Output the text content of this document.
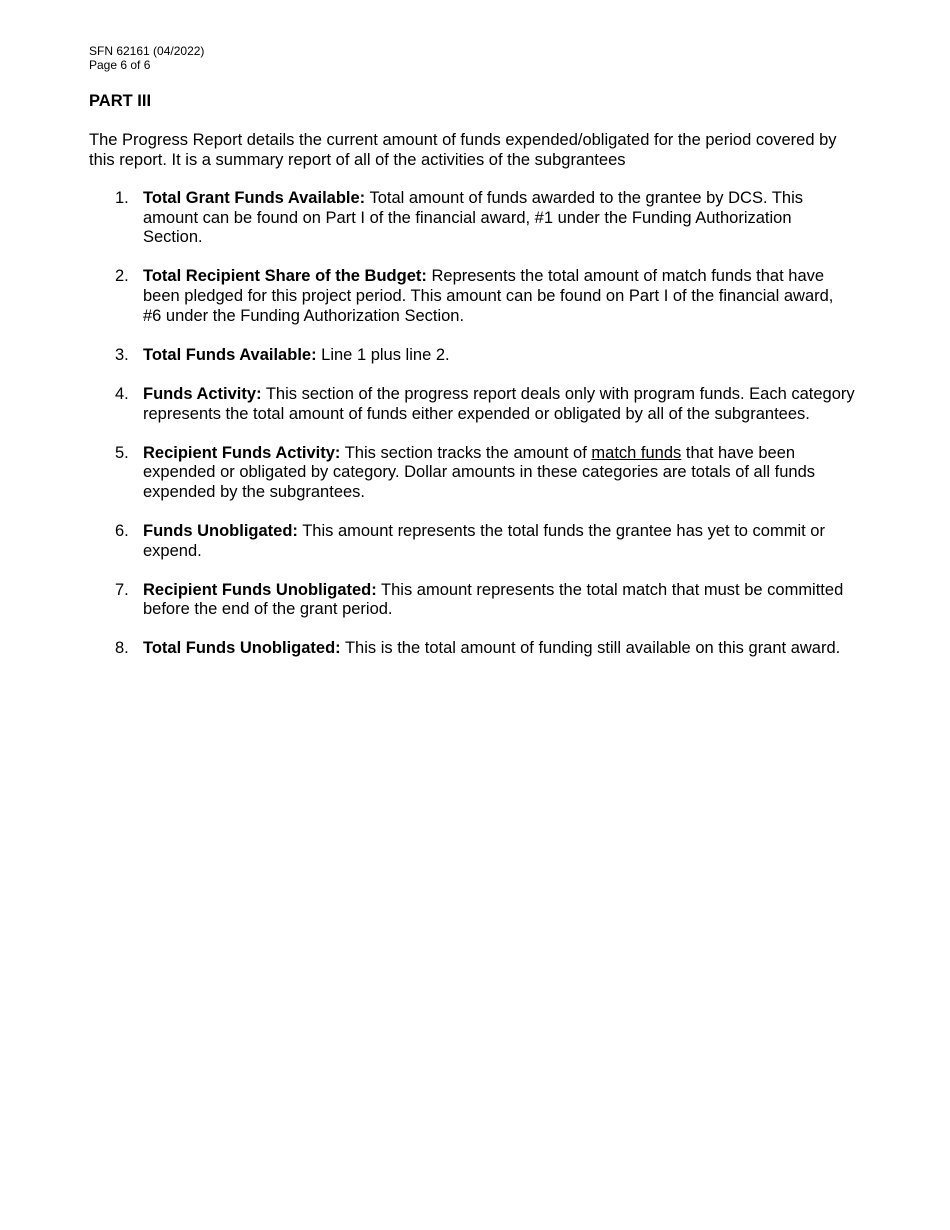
SFN 62161 (04/2022)
Page 6 of 6
PART III
The Progress Report details the current amount of funds expended/obligated for the period covered by this report. It is a summary report of all of the activities of the subgrantees
1. Total Grant Funds Available: Total amount of funds awarded to the grantee by DCS. This amount can be found on Part I of the financial award, #1 under the Funding Authorization Section.
2. Total Recipient Share of the Budget: Represents the total amount of match funds that have been pledged for this project period. This amount can be found on Part I of the financial award, #6 under the Funding Authorization Section.
3. Total Funds Available: Line 1 plus line 2.
4. Funds Activity: This section of the progress report deals only with program funds. Each category represents the total amount of funds either expended or obligated by all of the subgrantees.
5. Recipient Funds Activity: This section tracks the amount of match funds that have been expended or obligated by category. Dollar amounts in these categories are totals of all funds expended by the subgrantees.
6. Funds Unobligated: This amount represents the total funds the grantee has yet to commit or expend.
7. Recipient Funds Unobligated: This amount represents the total match that must be committed before the end of the grant period.
8. Total Funds Unobligated: This is the total amount of funding still available on this grant award.
